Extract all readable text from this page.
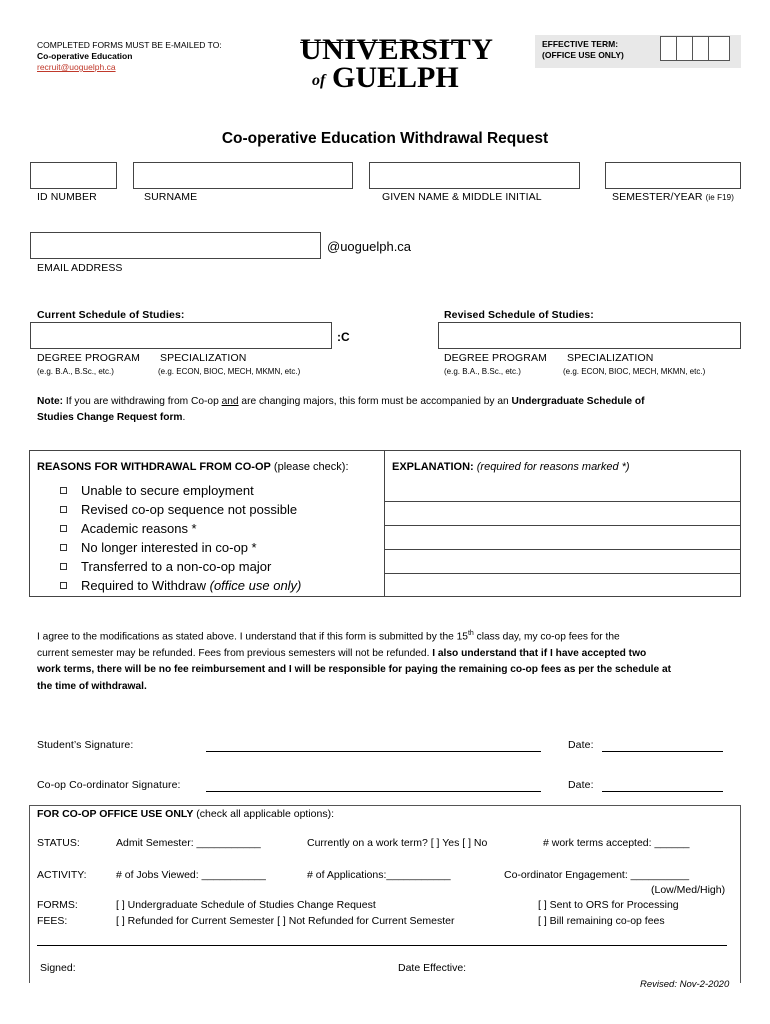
COMPLETED FORMS MUST BE E-MAILED TO:
Co-operative Education
recruit@uoguelph.ca
UNIVERSITY
of GUELPH
EFFECTIVE TERM:
(OFFICE USE ONLY)
Co-operative Education Withdrawal Request
ID NUMBER	SURNAME	GIVEN NAME & MIDDLE INITIAL	SEMESTER/YEAR (ie F19)
@uoguelph.ca
EMAIL ADDRESS
Current Schedule of Studies:	Revised Schedule of Studies:
:C
DEGREE PROGRAM SPECIALIZATION	DEGREE PROGRAM SPECIALIZATION
(e.g. B.A., B.Sc., etc.)	(e.g. ECON, BIOC, MECH, MKMN, etc.)	(e.g. B.A., B.Sc., etc.)	(e.g. ECON, BIOC, MECH, MKMN, etc.)
Note: If you are withdrawing from Co-op and are changing majors, this form must be accompanied by an Undergraduate Schedule of
Studies Change Request form.
REASONS FOR WITHDRAWAL FROM CO-OP (please check):	EXPLANATION: (required for reasons marked *)
Unable to secure employment
Revised co-op sequence not possible
Academic reasons *
No longer interested in co-op *
Transferred to a non-co-op major
Required to Withdraw
(office use only)
I agree to the modifications as stated above. I understand that if this form is submitted by the 15th class day, my co-op fees for the
current semester may be refunded. Fees from previous semesters will not be refunded. I also understand that if I have accepted two
work terms, there will be no fee reimbursement and I will be responsible for paying the remaining co-op fees as per the schedule at
the time of withdrawal.
Student’s Signature:	Date:
Co-op Co-ordinator Signature:	Date:
FOR CO-OP OFFICE USE ONLY (check all applicable options):
STATUS:	Admit Semester: ___________	Currently on a work term? [ ] Yes [ ] No	# work terms accepted: ______
ACTIVITY:	# of Jobs Viewed: ___________	# of Applications:___________	Co-ordinator Engagement: __________
(Low/Med/High)
FORMS:	[ ] Undergraduate Schedule of Studies Change Request	[ ] Sent to ORS for Processing
FEES:	[ ] Refunded for Current Semester [ ] Not Refunded for Current Semester	[ ] Bill remaining co-op fees
Signed:	Date Effective:
Revised: Nov-2-2020
